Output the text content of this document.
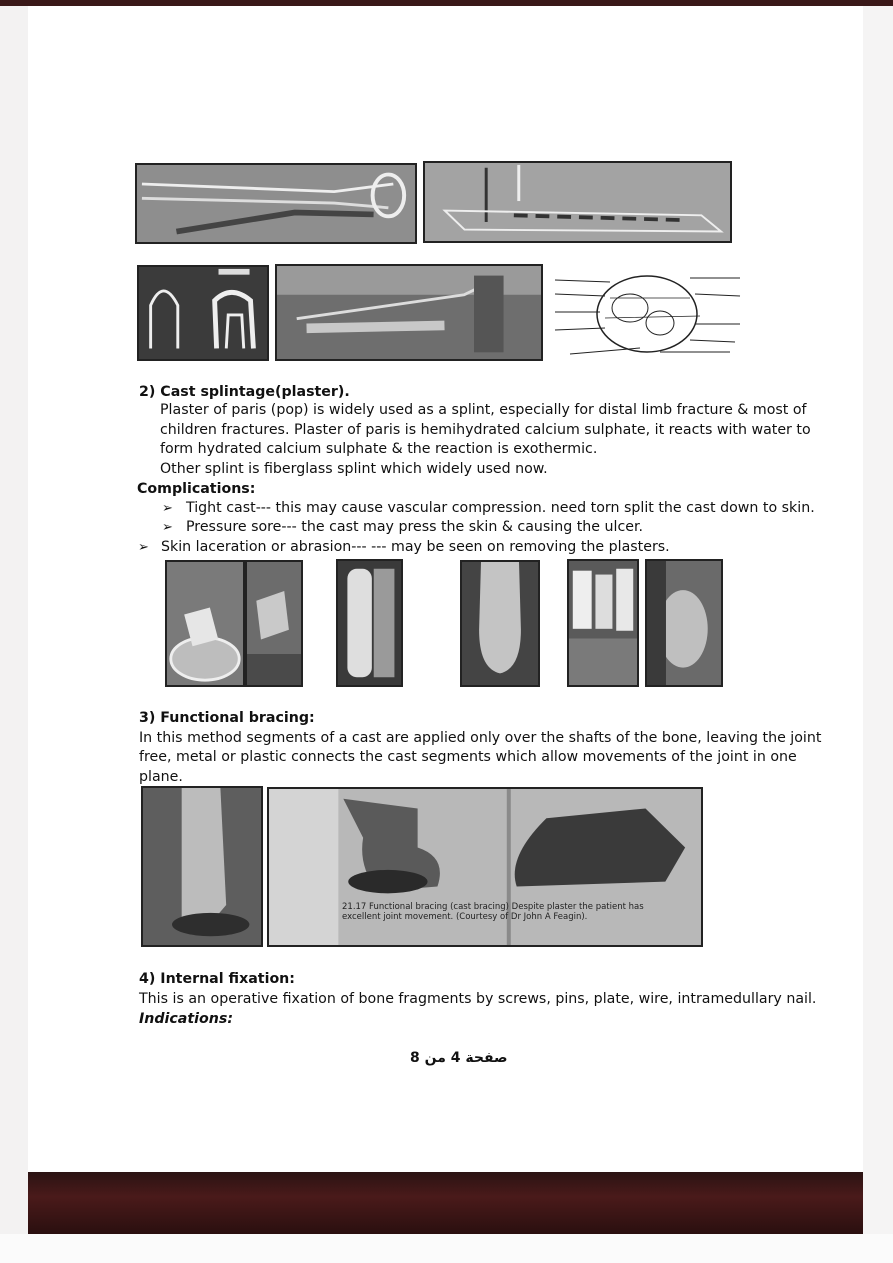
2) Cast splintage(plaster).
Plaster of paris (pop) is widely used as a splint, especially for distal limb fracture & most of
children fractures. Plaster of paris is hemihydrated calcium sulphate, it reacts with water to
form hydrated calcium sulphate & the reaction is exothermic.
Other splint is fiberglass splint which widely used now.
Complications:
➢ Tight cast--- this may cause vascular compression. need torn split the cast down to skin.
➢ Pressure sore--- the cast may press the skin & causing the ulcer.
➢ Skin laceration or abrasion--- --- may be seen on removing the plasters.
3) Functional bracing:
In this method segments of a cast are applied only over the shafts of the bone, leaving the joint
free, metal or plastic connects the cast segments which allow movements of the joint in one
plane.
21.17 Functional bracing (cast bracing) Despite plaster the patient has
excellent joint movement. (Courtesy of Dr John A Feagin).
4) Internal fixation:
This is an operative fixation of bone fragments by screws, pins, plate, wire, intramedullary nail.
Indications:
صفحة 4 من 8
